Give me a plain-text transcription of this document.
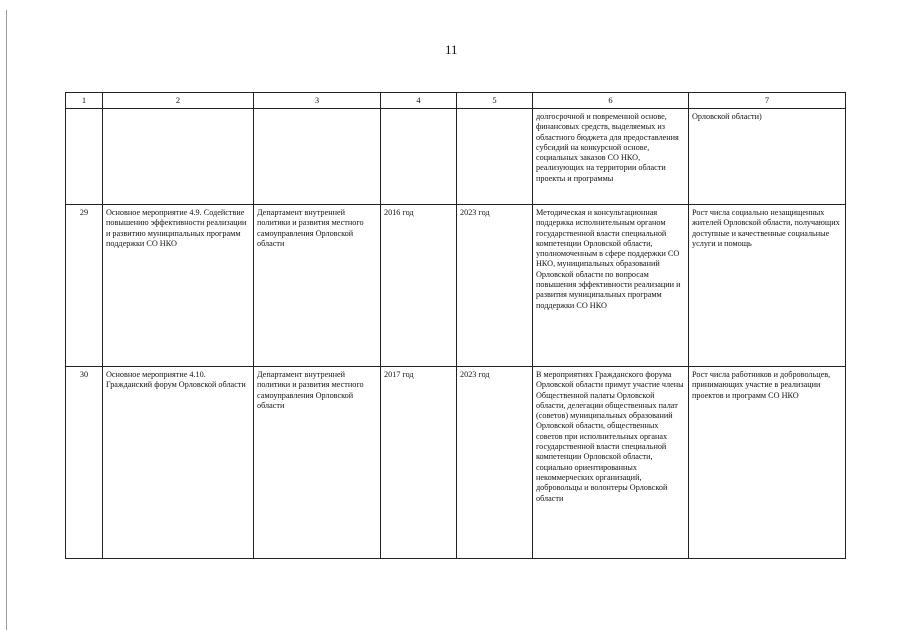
11
1	2	3	4	5	6	7
					долгосрочной и повременной основе, финансовых средств, выделяемых из областного бюджета для предоставления субсидий на конкурсной основе, социальных заказов СО НКО, реализующих на территории области проекты и программы	Орловской области)
29	Основное мероприятие 4.9. Содействие повышению эффективности реализации и развитию муниципальных программ поддержки СО НКО	Департамент внутренней политики и развития местного самоуправления Орловской области	2016 год	2023 год	Методическая и консультационная поддержка исполнительным органом государственной власти специальной компетенции Орловской области, уполномоченным в сфере поддержки СО НКО, муниципальных образований Орловской области по вопросам повышения эффективности реализации и развития муниципальных программ поддержки СО НКО	Рост числа социально незащищенных жителей Орловской области, получающих доступные и качественные социальные услуги и помощь
30	Основное мероприятие 4.10. Гражданский форум Орловской области	Департамент внутренней политики и развития местного самоуправления Орловской области	2017 год	2023 год	В мероприятиях Гражданского форума Орловской области примут участие члены Общественной палаты Орловской области, делегации общественных палат (советов) муниципальных образований Орловской области, общественных советов при исполнительных органах государственной власти специальной компетенции Орловской области, социально ориентированных некоммерческих организаций, добровольцы и волонтеры Орловской области	Рост числа работников и добровольцев, принимающих участие в реализации проектов и программ СО НКО
